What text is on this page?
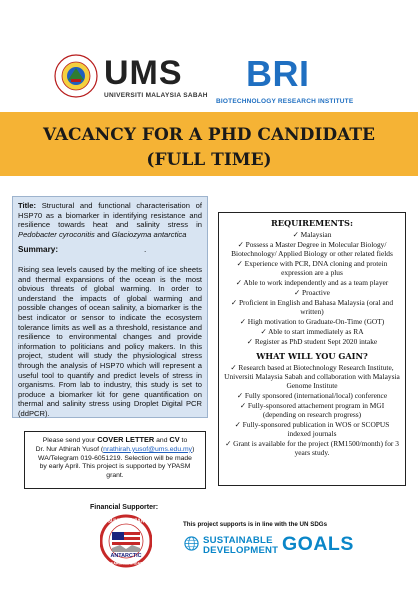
UMS
UNIVERSITI MALAYSIA SABAH
BRI
BIOTECHNOLOGY RESEARCH INSTITUTE
VACANCY FOR A PHD CANDIDATE
(FULL TIME)

Title: Structural and functional characterisation of HSP70 as a biomarker in identifying resistance and resilience towards heat and salinity stress in Pedobacter cyroconitis and Glaciozyma antarctica

Summary:	.

Rising sea levels caused by the melting of ice sheets and thermal expansions of the ocean is the most obvious threats of global warming. In order to understand the impacts of global warming and possible changes of ocean salinity, a biomarker is the best indicator or sensor to indicate the ecosystem tolerance limits as well as a threshold, resistance and resilience to environmental changes and provide information to politicians and policy makers. In this project, student will study the physiological stress through the analysis of HSP70 which will represent a useful tool to quantify and predict levels of stress in organisms. From lab to industry, this study is set to produce a biomarker kit for gene quantification on thermal and salinity stress using Droplet Digital PCR (ddPCR).

REQUIREMENTS:
✓ Malaysian
✓ Possess a Master Degree in Molecular Biology/ Biotechnology/ Applied Biology or other related fields
✓ Experience with PCR, DNA cloning and protein expression are a plus
✓ Able to work independently and as a team player
✓ Proactive
✓ Proficient in English and Bahasa Malaysia (oral and written)
✓ High motivation to Graduate-On-Time (GOT)
✓ Able to start immediately as RA
✓ Register as PhD student Sept 2020 intake
WHAT WILL YOU GAIN?
✓ Research based at Biotechnology Research Institute, Universiti Malaysia Sabah and collaboration with Malaysia Genome Institute
✓ Fully sponsored (international/local) conference
✓ Fully-sponsored attachement program in MGI (depending on research progress)
✓ Fully-sponsored publication in WOS or SCOPUS indexed journals
✓ Grant is available for the project (RM1500/month) for 3 years study.
Please send your COVER LETTER and CV to
Dr. Nur Athirah Yusof (nrathirah.yusof@ums.edu.my)
WA/Telegram 019-6051219. Selection will be made
by early April. This project is supported by YPASM
grant.
Financial Supporter:
SULTAN MIZAN
ANTARCTIC
RESEARCH FOUNDATION
This project supports is in line with the UN SDGs
SUSTAINABLE
DEVELOPMENT GOALS
